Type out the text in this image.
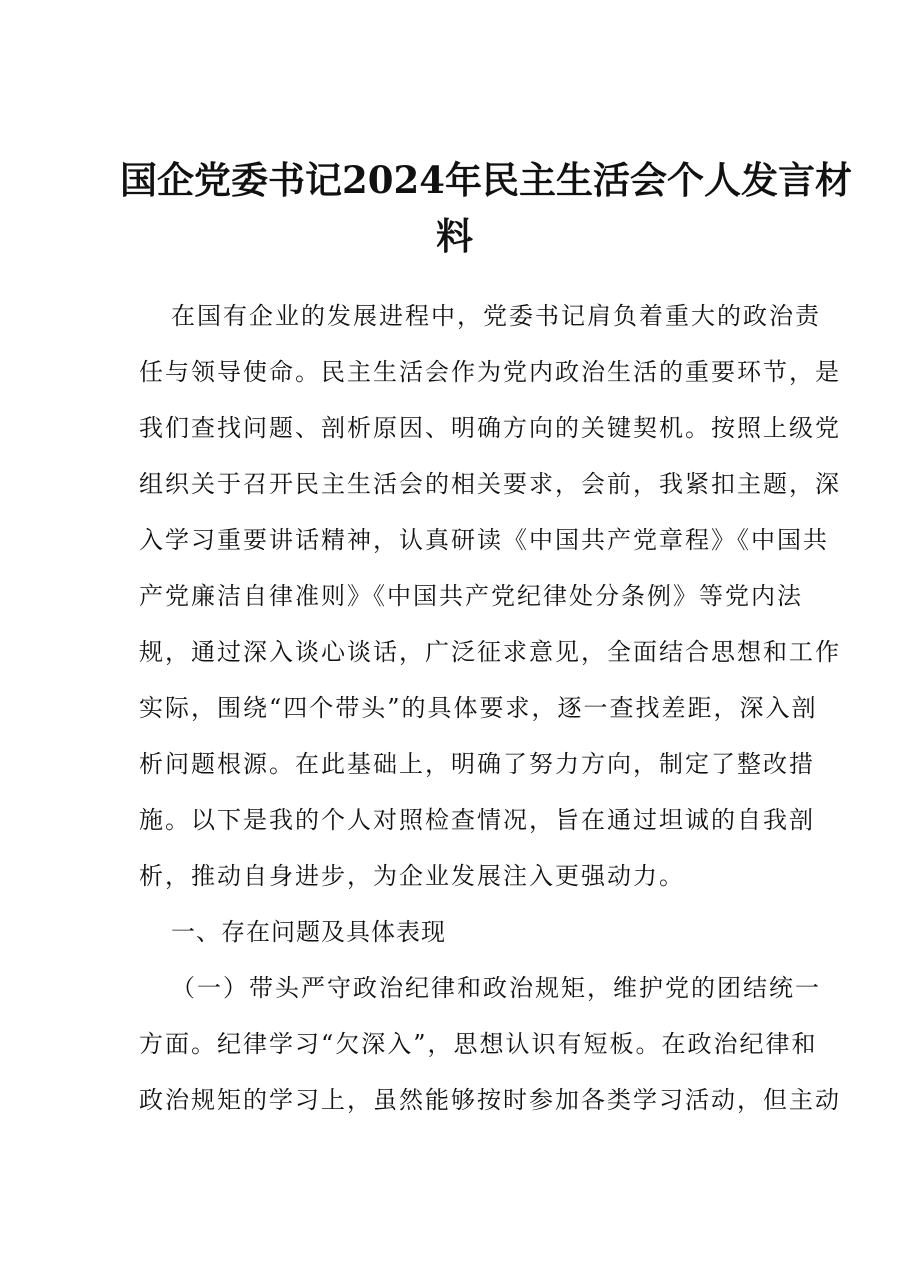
国企党委书记2024年民主生活会个人发言材
料
在国有企业的发展进程中，党委书记肩负着重大的政治责
任与领导使命。民主生活会作为党内政治生活的重要环节，是
我们查找问题、剖析原因、明确方向的关键契机。按照上级党
组织关于召开民主生活会的相关要求，会前，我紧扣主题，深
入学习重要讲话精神，认真研读《中国共产党章程》《中国共
产党廉洁自律准则》《中国共产党纪律处分条例》等党内法
规，通过深入谈心谈话，广泛征求意见，全面结合思想和工作
实际，围绕“四个带头”的具体要求，逐一查找差距，深入剖
析问题根源。在此基础上，明确了努力方向，制定了整改措
施。以下是我的个人对照检查情况，旨在通过坦诚的自我剖
析，推动自身进步，为企业发展注入更强动力。
一、存在问题及具体表现
（一）带头严守政治纪律和政治规矩，维护党的团结统一
方面。纪律学习“欠深入”，思想认识有短板。在政治纪律和
政治规矩的学习上，虽然能够按时参加各类学习活动，但主动
